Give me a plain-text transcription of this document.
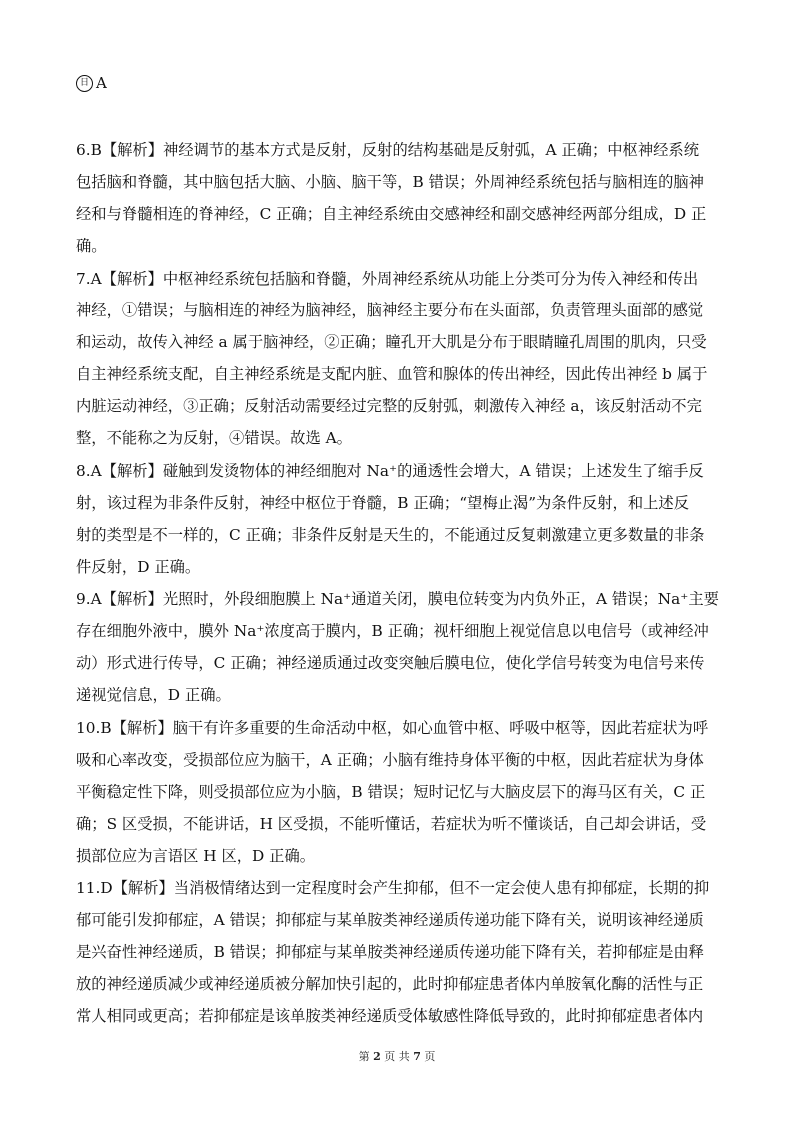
日 A
6.B【解析】神经调节的基本方式是反射，反射的结构基础是反射弧，A 正确；中枢神经系统
包括脑和脊髓，其中脑包括大脑、小脑、脑干等，B 错误；外周神经系统包括与脑相连的脑神
经和与脊髓相连的脊神经，C 正确；自主神经系统由交感神经和副交感神经两部分组成，D 正
确。
7.A【解析】中枢神经系统包括脑和脊髓，外周神经系统从功能上分类可分为传入神经和传出
神经，①错误；与脑相连的神经为脑神经，脑神经主要分布在头面部，负责管理头面部的感觉
和运动，故传入神经 a 属于脑神经，②正确；瞳孔开大肌是分布于眼睛瞳孔周围的肌肉，只受
自主神经系统支配，自主神经系统是支配内脏、血管和腺体的传出神经，因此传出神经 b 属于
内脏运动神经，③正确；反射活动需要经过完整的反射弧，刺激传入神经 a，该反射活动不完
整，不能称之为反射，④错误。故选 A。
8.A【解析】碰触到发烫物体的神经细胞对 Na⁺的通透性会增大，A 错误；上述发生了缩手反
射，该过程为非条件反射，神经中枢位于脊髓，B 正确；“望梅止渴”为条件反射，和上述反
射的类型是不一样的，C 正确；非条件反射是天生的，不能通过反复刺激建立更多数量的非条
件反射，D 正确。
9.A【解析】光照时，外段细胞膜上 Na⁺通道关闭，膜电位转变为内负外正，A 错误；Na⁺主要
存在细胞外液中，膜外 Na⁺浓度高于膜内，B 正确；视杆细胞上视觉信息以电信号（或神经冲
动）形式进行传导，C 正确；神经递质通过改变突触后膜电位，使化学信号转变为电信号来传
递视觉信息，D 正确。
10.B【解析】脑干有许多重要的生命活动中枢，如心血管中枢、呼吸中枢等，因此若症状为呼
吸和心率改变，受损部位应为脑干，A 正确；小脑有维持身体平衡的中枢，因此若症状为身体
平衡稳定性下降，则受损部位应为小脑，B 错误；短时记忆与大脑皮层下的海马区有关，C 正
确；S 区受损，不能讲话，H 区受损，不能听懂话，若症状为听不懂谈话，自己却会讲话，受
损部位应为言语区 H 区，D 正确。
11.D【解析】当消极情绪达到一定程度时会产生抑郁，但不一定会使人患有抑郁症，长期的抑
郁可能引发抑郁症，A 错误；抑郁症与某单胺类神经递质传递功能下降有关，说明该神经递质
是兴奋性神经递质，B 错误；抑郁症与某单胺类神经递质传递功能下降有关，若抑郁症是由释
放的神经递质减少或神经递质被分解加快引起的，此时抑郁症患者体内单胺氧化酶的活性与正
常人相同或更高；若抑郁症是该单胺类神经递质受体敏感性降低导致的，此时抑郁症患者体内
第 2 页 共 7 页
